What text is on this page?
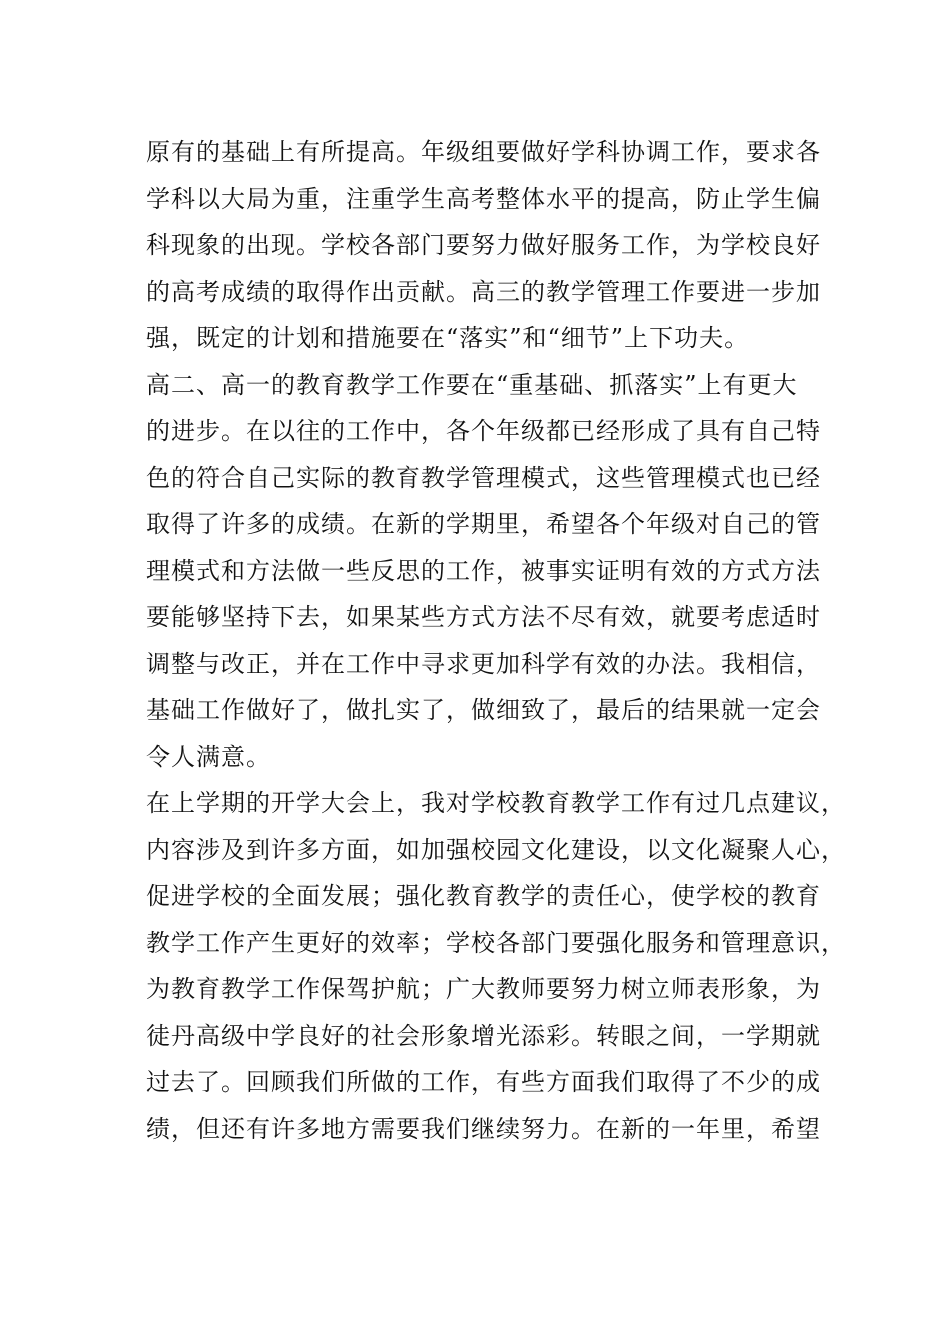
原有的基础上有所提高。年级组要做好学科协调工作，要求各
学科以大局为重，注重学生高考整体水平的提高，防止学生偏
科现象的出现。学校各部门要努力做好服务工作，为学校良好
的高考成绩的取得作出贡献。高三的教学管理工作要进一步加
强，既定的计划和措施要在“落实”和“细节”上下功夫。
高二、高一的教育教学工作要在“重基础、抓落实”上有更大
的进步。在以往的工作中，各个年级都已经形成了具有自己特
色的符合自己实际的教育教学管理模式，这些管理模式也已经
取得了许多的成绩。在新的学期里，希望各个年级对自己的管
理模式和方法做一些反思的工作，被事实证明有效的方式方法
要能够坚持下去，如果某些方式方法不尽有效，就要考虑适时
调整与改正，并在工作中寻求更加科学有效的办法。我相信，
基础工作做好了，做扎实了，做细致了，最后的结果就一定会
令人满意。
在上学期的开学大会上，我对学校教育教学工作有过几点建议，
内容涉及到许多方面，如加强校园文化建设，以文化凝聚人心，
促进学校的全面发展；强化教育教学的责任心，使学校的教育
教学工作产生更好的效率；学校各部门要强化服务和管理意识，
为教育教学工作保驾护航；广大教师要努力树立师表形象，为
徒丹高级中学良好的社会形象增光添彩。转眼之间，一学期就
过去了。回顾我们所做的工作，有些方面我们取得了不少的成
绩，但还有许多地方需要我们继续努力。在新的一年里，希望
